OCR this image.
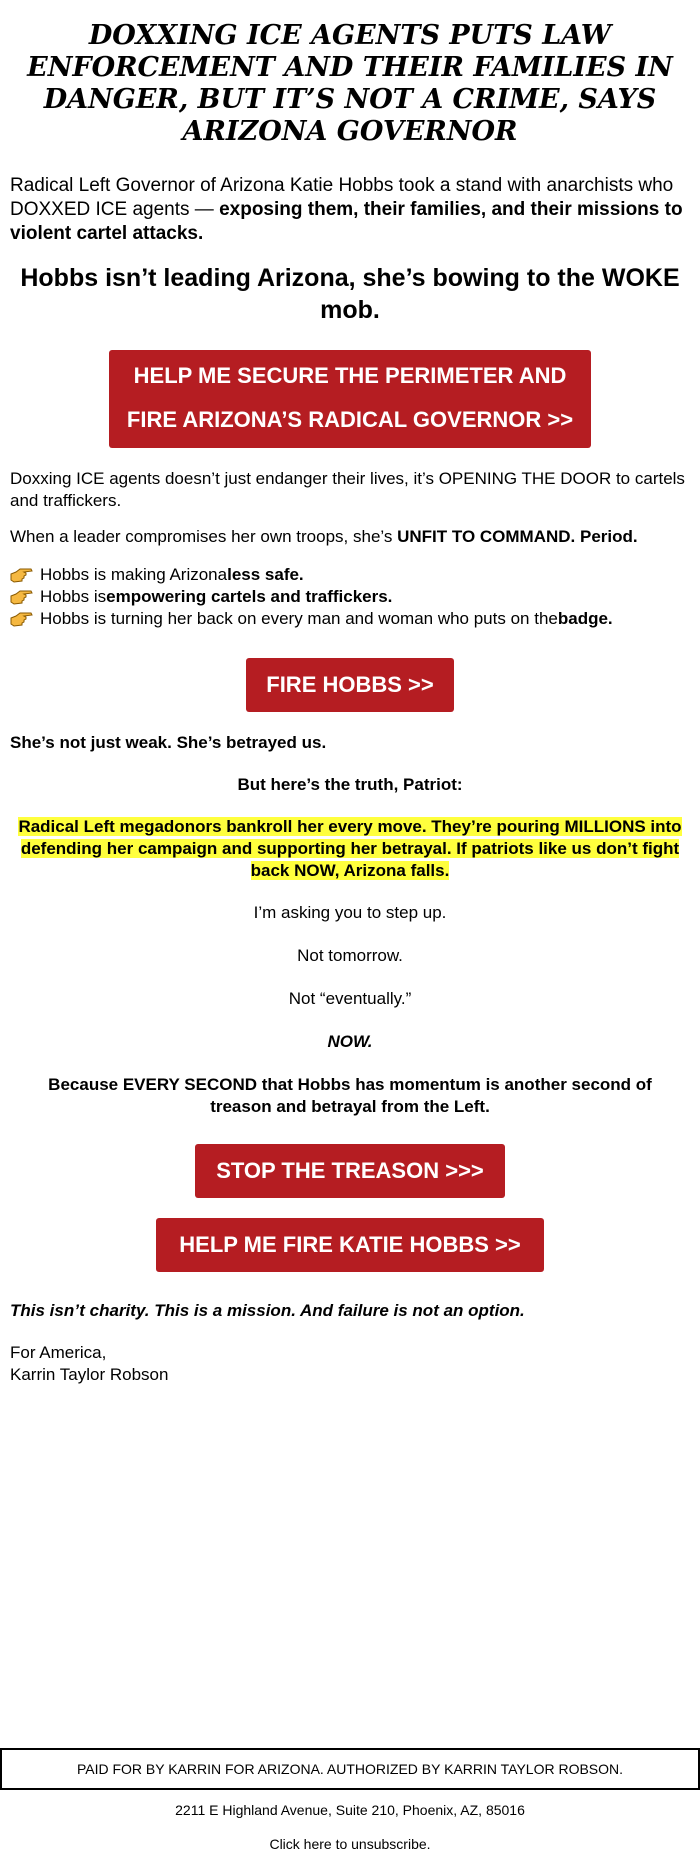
DOXXING ICE AGENTS PUTS LAW ENFORCEMENT AND THEIR FAMILIES IN DANGER, BUT IT’S NOT A CRIME, SAYS ARIZONA GOVERNOR

Radical Left Governor of Arizona Katie Hobbs took a stand with anarchists who DOXXED ICE agents — exposing them, their families, and their missions to violent cartel attacks.

Hobbs isn’t leading Arizona, she’s bowing to the WOKE mob.
HELP ME SECURE THE PERIMETER AND
FIRE ARIZONA’S RADICAL GOVERNOR >>

Doxxing ICE agents doesn’t just endanger their lives, it’s OPENING THE DOOR to cartels and traffickers.

When a leader compromises her own troops, she’s UNFIT TO COMMAND. Period.

Hobbs is making Arizona less safe.
Hobbs is empowering cartels and traffickers.
Hobbs is turning her back on every man and woman who puts on the badge.
FIRE HOBBS >>

She’s not just weak. She’s betrayed us.

But here’s the truth, Patriot:

Radical Left megadonors bankroll her every move. They’re pouring MILLIONS into defending her campaign and supporting her betrayal. If patriots like us don’t fight back NOW, Arizona falls.

I’m asking you to step up.

Not tomorrow.

Not “eventually.”

NOW.

Because EVERY SECOND that Hobbs has momentum is another second of treason and betrayal from the Left.

STOP THE TREASON >>>
HELP ME FIRE KATIE HOBBS >>

This isn’t charity. This is a mission. And failure is not an option.

For America,

Karrin Taylor Robson

PAID FOR BY KARRIN FOR ARIZONA. AUTHORIZED BY KARRIN TAYLOR ROBSON.
2211 E Highland Avenue, Suite 210, Phoenix, AZ, 85016
Click here to unsubscribe.
